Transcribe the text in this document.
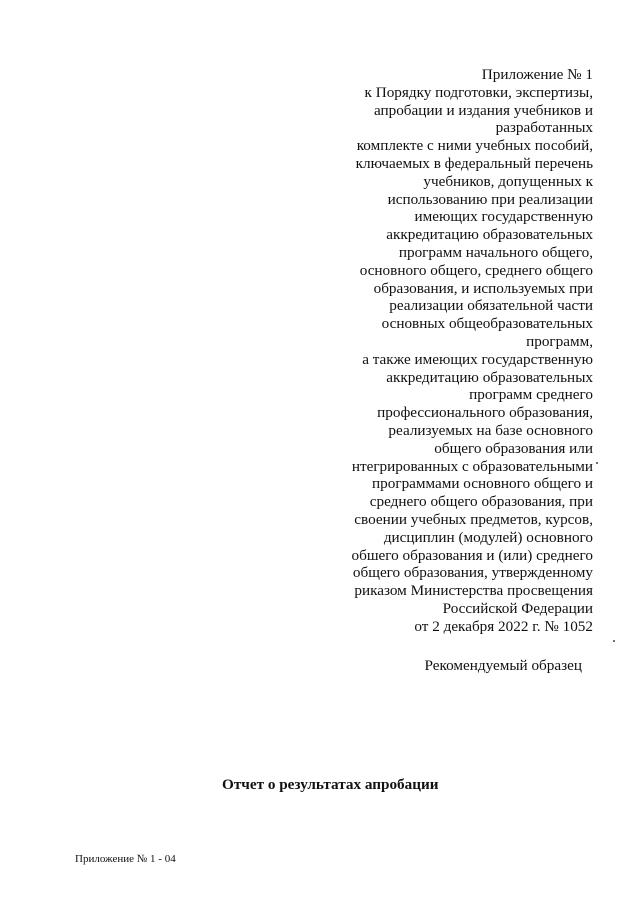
Приложение № 1
к Порядку подготовки, экспертизы,
апробации и издания учебников и
разработанных
комплекте с ними учебных пособий,
ключаемых в федеральный перечень
учебников, допущенных к
использованию при реализации
имеющих государственную
аккредитацию образовательных
программ начального общего,
основного общего, среднего общего
образования, и используемых при
реализации обязательной части
основных общеобразовательных
программ,
а также имеющих государственную
аккредитацию образовательных
программ среднего
профессионального образования,
реализуемых на базе основного
общего образования или
нтегрированных с образовательными
программами основного общего и
среднего общего образования, при
своении учебных предметов, курсов,
дисциплин (модулей) основного
обшего образования и (или) среднего
общего образования, утвержденному
риказом Министерства просвещения
Российской Федерации
от 2 декабря 2022 г. № 1052
Рекомендуемый образец
Отчет о результатах апробации
Приложение № 1 - 04
